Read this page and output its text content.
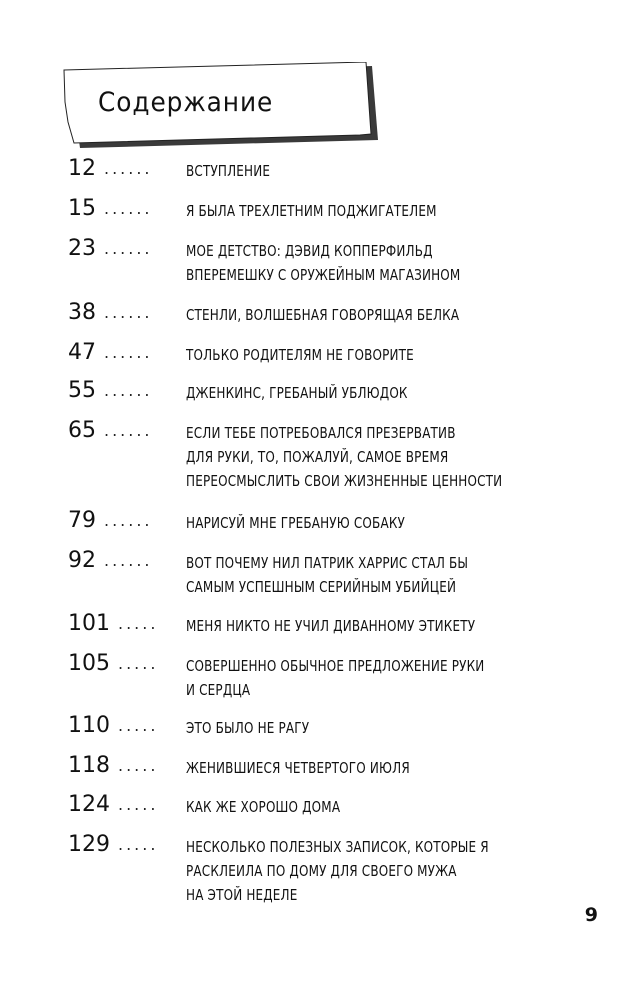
Содержание
12 ...... ВСТУПЛЕНИЕ
15 ...... Я БЫЛА ТРЕХЛЕТНИМ ПОДЖИГАТЕЛЕМ
23 ...... МОЕ ДЕТСТВО: ДЭВИД КОППЕРФИЛЬД
ВПЕРЕМЕШКУ С ОРУЖЕЙНЫМ МАГАЗИНОМ
38 ...... СТЕНЛИ, ВОЛШЕБНАЯ ГОВОРЯЩАЯ БЕЛКА
47 ...... ТОЛЬКО РОДИТЕЛЯМ НЕ ГОВОРИТЕ
55 ...... ДЖЕНКИНС, ГРЕБАНЫЙ УБЛЮДОК
65 ...... ЕСЛИ ТЕБЕ ПОТРЕБОВАЛСЯ ПРЕЗЕРВАТИВ
ДЛЯ РУКИ, ТО, ПОЖАЛУЙ, САМОЕ ВРЕМЯ
ПЕРЕОСМЫСЛИТЬ СВОИ ЖИЗНЕННЫЕ ЦЕННОСТИ
79 ...... НАРИСУЙ МНЕ ГРЕБАНУЮ СОБАКУ
92 ...... ВОТ ПОЧЕМУ НИЛ ПАТРИК ХАРРИС СТАЛ БЫ
САМЫМ УСПЕШНЫМ СЕРИЙНЫМ УБИЙЦЕЙ
101 ..... МЕНЯ НИКТО НЕ УЧИЛ ДИВАННОМУ ЭТИКЕТУ
105 ..... СОВЕРШЕННО ОБЫЧНОЕ ПРЕДЛОЖЕНИЕ РУКИ
И СЕРДЦА
110 ..... ЭТО БЫЛО НЕ РАГУ
118 ..... ЖЕНИВШИЕСЯ ЧЕТВЕРТОГО ИЮЛЯ
124 ..... КАК ЖЕ ХОРОШО ДОМА
129 ..... НЕСКОЛЬКО ПОЛЕЗНЫХ ЗАПИСОК, КОТОРЫЕ Я
РАСКЛЕИЛА ПО ДОМУ ДЛЯ СВОЕГО МУЖА
НА ЭТОЙ НЕДЕЛЕ
9
